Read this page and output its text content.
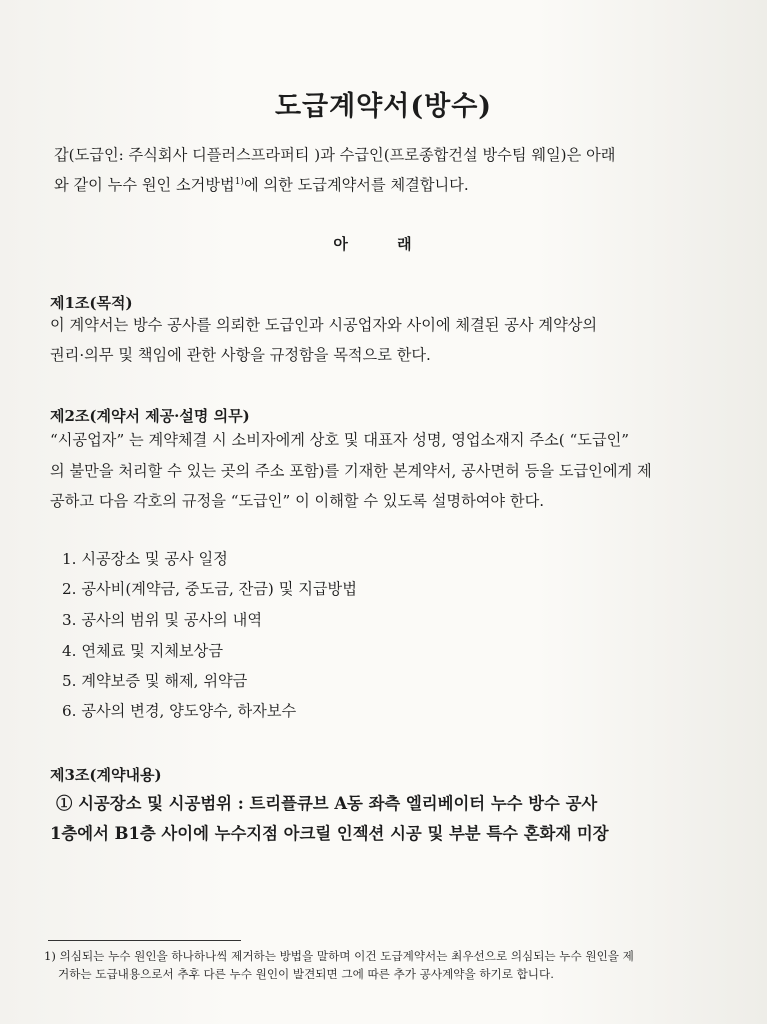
도급계약서(방수)
갑(도급인: 주식회사 디플러스프라퍼티 )과 수급인(프로종합건설 방수팀 웨일)은 아래
와 같이 누수 원인 소거방법$^{1)}$에 의한 도급계약서를 체결합니다.
아 래
제1조(목적)
이 계약서는 방수 공사를 의뢰한 도급인과 시공업자와 사이에 체결된 공사 계약상의
권리·의무 및 책임에 관한 사항을 규정함을 목적으로 한다.
제2조(계약서 제공·설명 의무)
“시공업자” 는 계약체결 시 소비자에게 상호 및 대표자 성명, 영업소재지 주소( “도급인”
의 불만을 처리할 수 있는 곳의 주소 포함)를 기재한 본계약서, 공사면허 등을 도급인에게 제
공하고 다음 각호의 규정을 “도급인” 이 이해할 수 있도록 설명하여야 한다.
1. 시공장소 및 공사 일정
2. 공사비(계약금, 중도금, 잔금) 및 지급방법
3. 공사의 범위 및 공사의 내역
4. 연체료 및 지체보상금
5. 계약보증 및 해제, 위약금
6. 공사의 변경, 양도양수, 하자보수
제3조(계약내용)
① 시공장소 및 시공범위 : 트리플큐브 A동 좌측 엘리베이터 누수 방수 공사
1층에서 B1층 사이에 누수지점 아크릴 인젝션 시공 및 부분 특수 혼화재 미장
1) 의심되는 누수 원인을 하나하나씩 제거하는 방법을 말하며 이건 도급계약서는 최우선으로 의심되는 누수 원인을 제
거하는 도급내용으로서 추후 다른 누수 원인이 발견되면 그에 따른 추가 공사계약을 하기로 합니다.
